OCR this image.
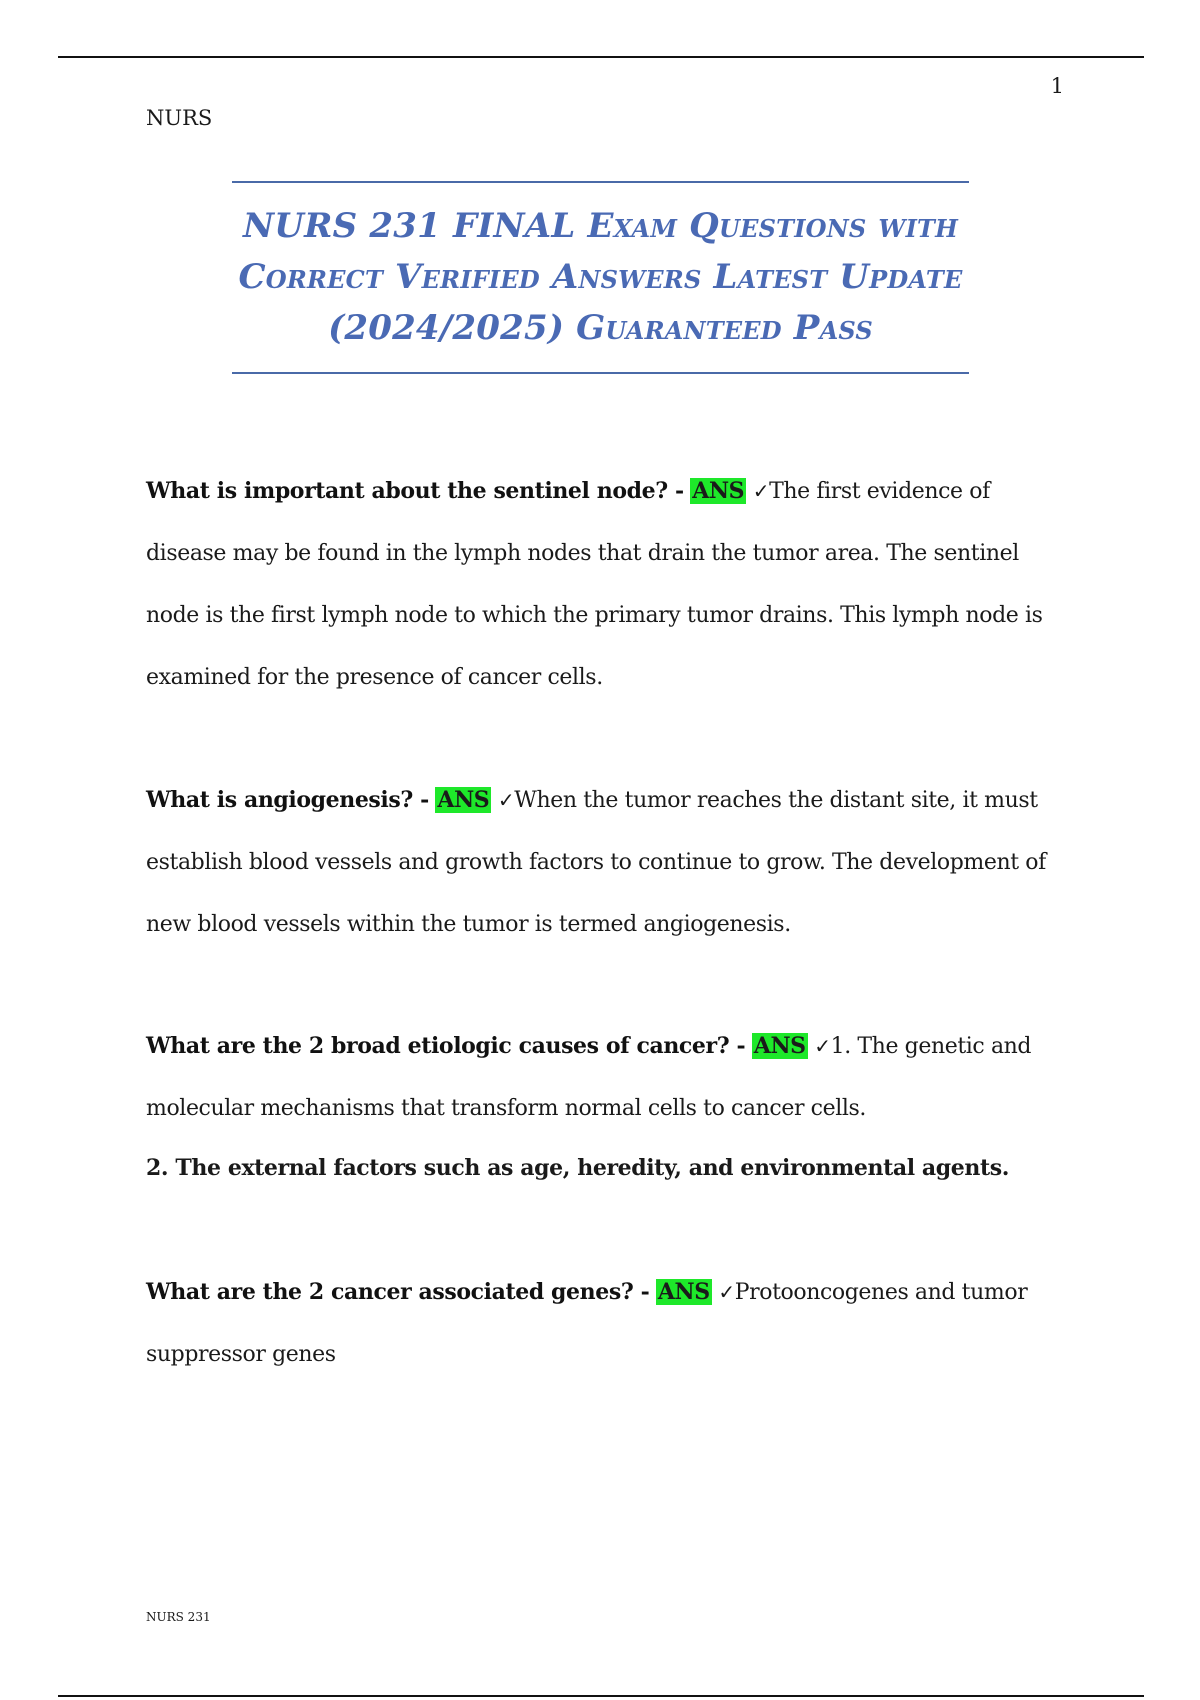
1
NURS
NURS 231 FINAL Exam Questions with Correct Verified Answers Latest Update (2024/2025) Guaranteed Pass

What is important about the sentinel node? - ANS ✓The first evidence of disease may be found in the lymph nodes that drain the tumor area. The sentinel node is the first lymph node to which the primary tumor drains. This lymph node is examined for the presence of cancer cells.

What is angiogenesis? - ANS ✓When the tumor reaches the distant site, it must establish blood vessels and growth factors to continue to grow. The development of new blood vessels within the tumor is termed angiogenesis.

What are the 2 broad etiologic causes of cancer? - ANS ✓1. The genetic and molecular mechanisms that transform normal cells to cancer cells.

2. The external factors such as age, heredity, and environmental agents.

What are the 2 cancer associated genes? - ANS ✓Protooncogenes and tumor suppressor genes

NURS 231
